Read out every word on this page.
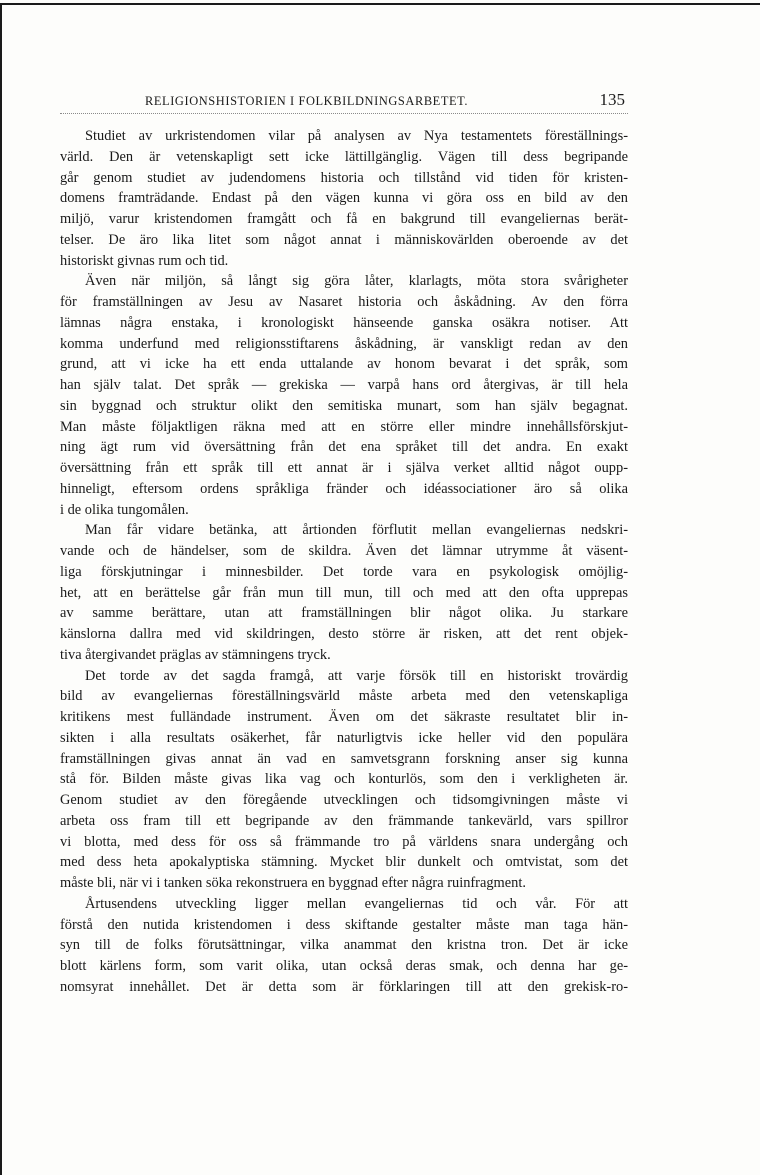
RELIGIONSHISTORIEN I FOLKBILDNINGSARBETET.	135
Studiet av urkristendomen vilar på analysen av Nya testamentets föreställnings-
värld. Den är vetenskapligt sett icke lättillgänglig. Vägen till dess begripande
går genom studiet av judendomens historia och tillstånd vid tiden för kristen-
domens framträdande. Endast på den vägen kunna vi göra oss en bild av den
miljö, varur kristendomen framgått och få en bakgrund till evangeliernas berät-
telser. De äro lika litet som något annat i människovärlden oberoende av det
historiskt givnas rum och tid.
Även när miljön, så långt sig göra låter, klarlagts, möta stora svårigheter
för framställningen av Jesu av Nasaret historia och åskådning. Av den förra
lämnas några enstaka, i kronologiskt hänseende ganska osäkra notiser. Att
komma underfund med religionsstiftarens åskådning, är vanskligt redan av den
grund, att vi icke ha ett enda uttalande av honom bevarat i det språk, som
han själv talat. Det språk — grekiska — varpå hans ord återgivas, är till hela
sin byggnad och struktur olikt den semitiska munart, som han själv begagnat.
Man måste följaktligen räkna med att en större eller mindre innehållsförskjut-
ning ägt rum vid översättning från det ena språket till det andra. En exakt
översättning från ett språk till ett annat är i själva verket alltid något oupp-
hinneligt, eftersom ordens språkliga fränder och idéassociationer äro så olika
i de olika tungomålen.
Man får vidare betänka, att årtionden förflutit mellan evangeliernas nedskri-
vande och de händelser, som de skildra. Även det lämnar utrymme åt väsent-
liga förskjutningar i minnesbilder. Det torde vara en psykologisk omöjlig-
het, att en berättelse går från mun till mun, till och med att den ofta upprepas
av samme berättare, utan att framställningen blir något olika. Ju starkare
känslorna dallra med vid skildringen, desto större är risken, att det rent objek-
tiva återgivandet präglas av stämningens tryck.
Det torde av det sagda framgå, att varje försök till en historiskt trovärdig
bild av evangeliernas föreställningsvärld måste arbeta med den vetenskapliga
kritikens mest fulländade instrument. Även om det säkraste resultatet blir in-
sikten i alla resultats osäkerhet, får naturligtvis icke heller vid den populära
framställningen givas annat än vad en samvetsgrann forskning anser sig kunna
stå för. Bilden måste givas lika vag och konturlös, som den i verkligheten är.
Genom studiet av den föregående utvecklingen och tidsomgivningen måste vi
arbeta oss fram till ett begripande av den främmande tankevärld, vars spillror
vi blotta, med dess för oss så främmande tro på världens snara undergång och
med dess heta apokalyptiska stämning. Mycket blir dunkelt och omtvistat, som det
måste bli, när vi i tanken söka rekonstruera en byggnad efter några ruinfragment.
Årtusendens utveckling ligger mellan evangeliernas tid och vår. För att
förstå den nutida kristendomen i dess skiftande gestalter måste man taga hän-
syn till de folks förutsättningar, vilka anammat den kristna tron. Det är icke
blott kärlens form, som varit olika, utan också deras smak, och denna har ge-
nomsyrat innehållet. Det är detta som är förklaringen till att den grekisk-ro-
